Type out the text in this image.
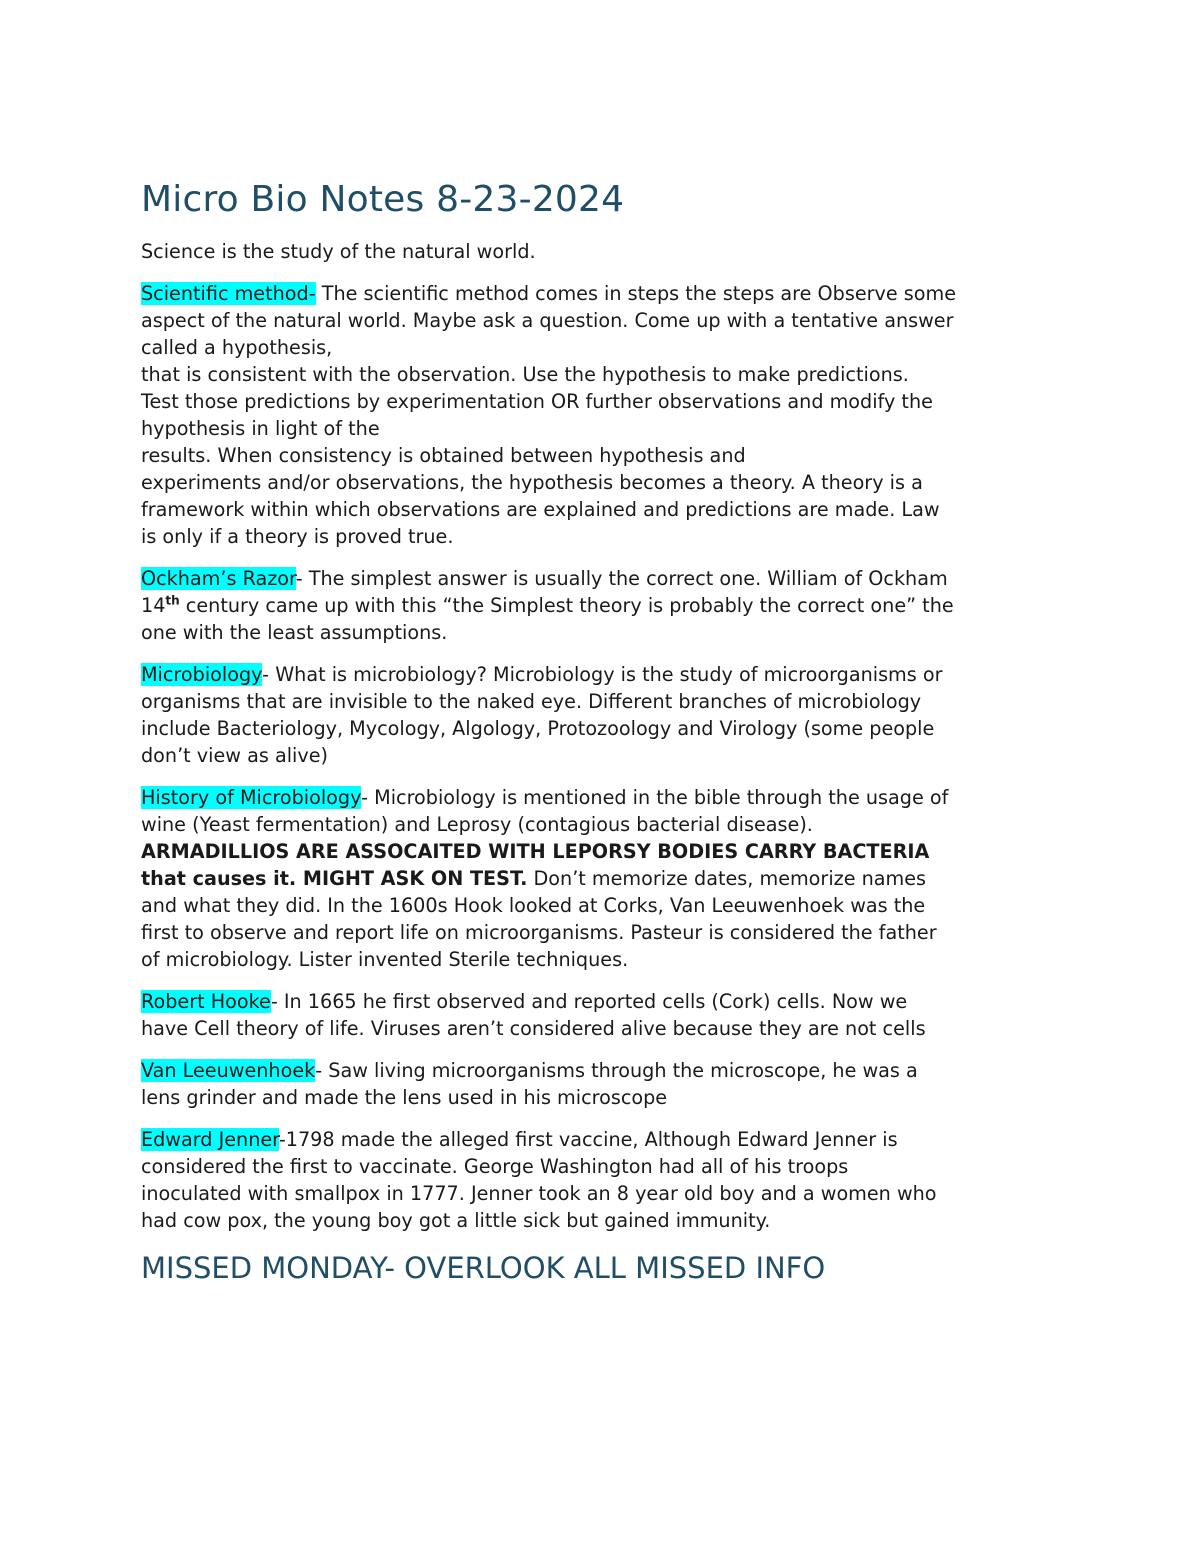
Micro Bio Notes 8-23-2024

Science is the study of the natural world.

Scientific method- The scientific method comes in steps the steps are Observe some
aspect of the natural world. Maybe ask a question. Come up with a tentative answer
called a hypothesis,
that is consistent with the observation. Use the hypothesis to make predictions.
Test those predictions by experimentation OR further observations and modify the
hypothesis in light of the
results. When consistency is obtained between hypothesis and
experiments and/or observations, the hypothesis becomes a theory. A theory is a
framework within which observations are explained and predictions are made. Law
is only if a theory is proved true.

Ockham’s Razor- The simplest answer is usually the correct one. William of Ockham
14th century came up with this “the Simplest theory is probably the correct one” the
one with the least assumptions.

Microbiology- What is microbiology? Microbiology is the study of microorganisms or
organisms that are invisible to the naked eye. Different branches of microbiology
include Bacteriology, Mycology, Algology, Protozoology and Virology (some people
don’t view as alive)

History of Microbiology- Microbiology is mentioned in the bible through the usage of
wine (Yeast fermentation) and Leprosy (contagious bacterial disease).
ARMADILLIOS ARE ASSOCAITED WITH LEPORSY BODIES CARRY BACTERIA
that causes it. MIGHT ASK ON TEST. Don’t memorize dates, memorize names
and what they did. In the 1600s Hook looked at Corks, Van Leeuwenhoek was the
first to observe and report life on microorganisms. Pasteur is considered the father
of microbiology. Lister invented Sterile techniques.

Robert Hooke- In 1665 he first observed and reported cells (Cork) cells. Now we
have Cell theory of life. Viruses aren’t considered alive because they are not cells

Van Leeuwenhoek- Saw living microorganisms through the microscope, he was a
lens grinder and made the lens used in his microscope

Edward Jenner-1798 made the alleged first vaccine, Although Edward Jenner is
considered the first to vaccinate. George Washington had all of his troops
inoculated with smallpox in 1777. Jenner took an 8 year old boy and a women who
had cow pox, the young boy got a little sick but gained immunity.

MISSED MONDAY- OVERLOOK ALL MISSED INFO
